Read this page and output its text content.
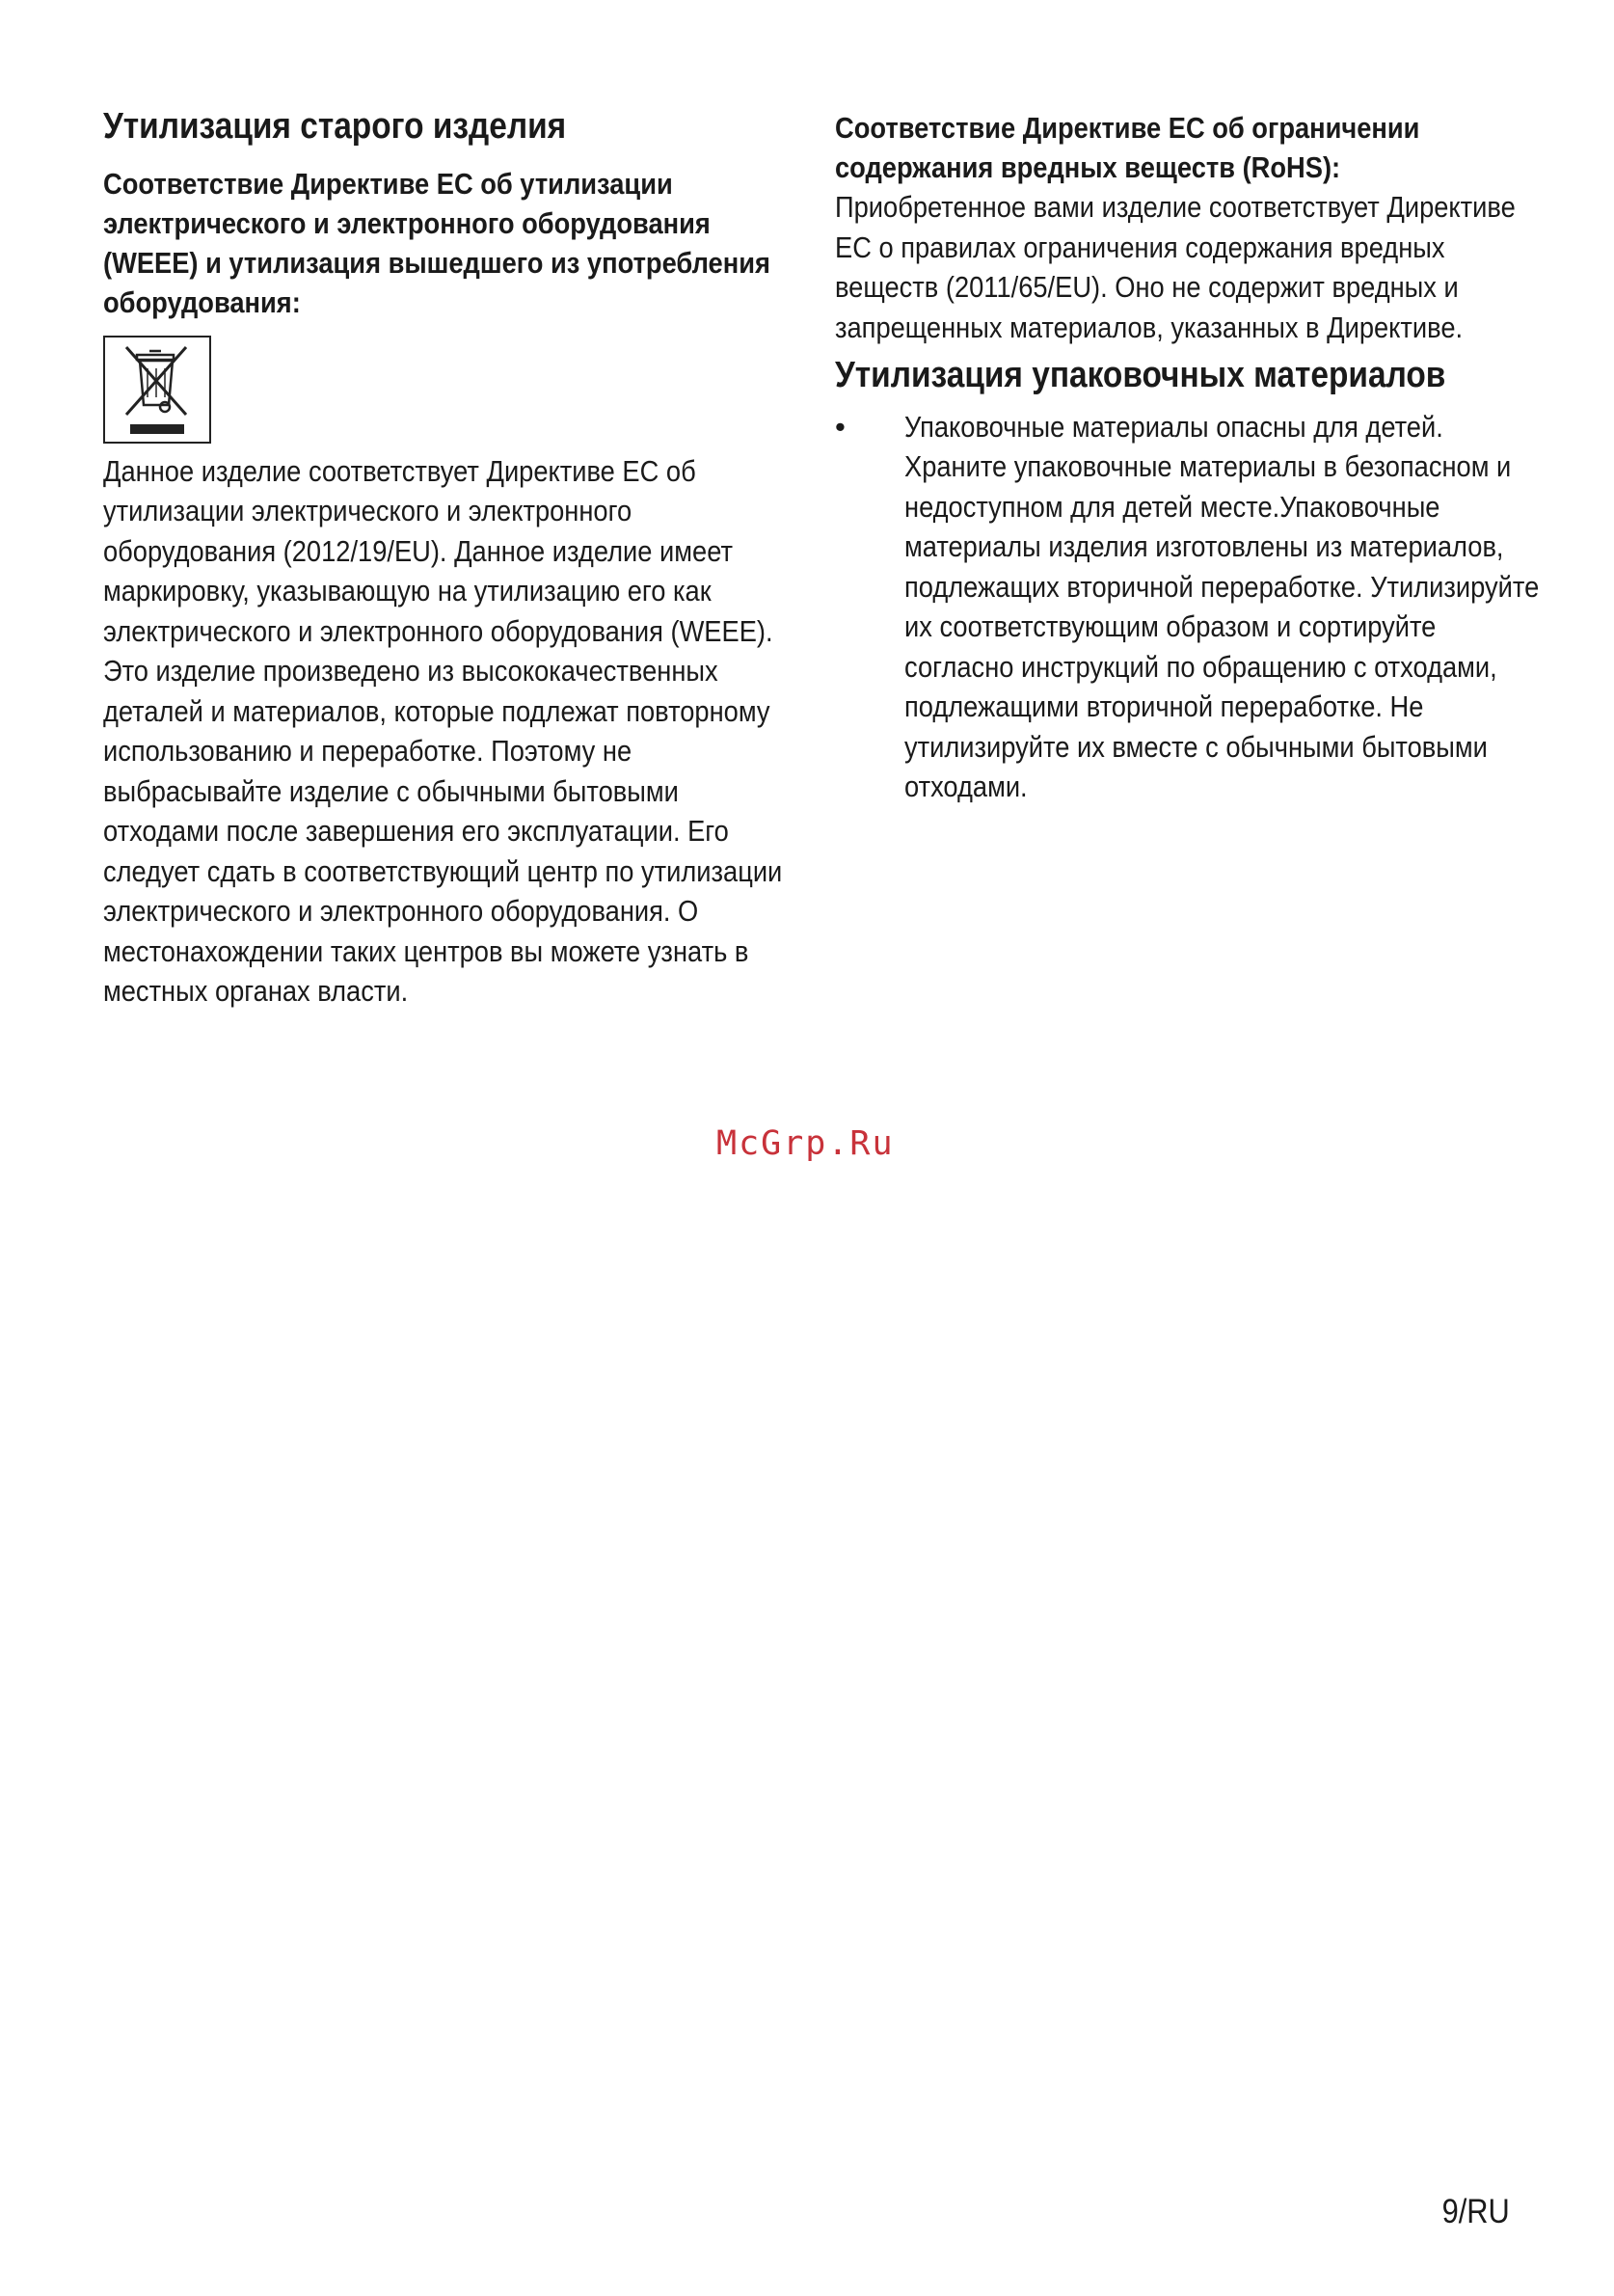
Утилизация старого изделия

Соответствие Директиве ЕС об утилизации электрического и электронного оборудования (WEEE) и утилизация вышедшего из употребления оборудования:

Данное изделие соответствует Директиве ЕС об утилизации электрического и электронного оборудования (2012/19/EU). Данное изделие имеет маркировку, указывающую на утилизацию его как электрического и электронного оборудования (WEEE).

Это изделие произведено из высококачественных деталей и материалов, которые подлежат повторному использованию и переработке. Поэтому не выбрасывайте изделие с обычными бытовыми отходами после завершения его эксплуатации. Его следует сдать в соответствующий центр по утилизации электрического и электронного оборудования. О местонахождении таких центров вы можете узнать в местных органах власти.

Соответствие Директиве ЕС об ограничении содержания вредных веществ (RoHS):

Приобретенное вами изделие соответствует Директиве ЕС о правилах ограничения содержания вредных веществ (2011/65/EU). Оно не содержит вредных и запрещенных материалов, указанных в Директиве.

Утилизация упаковочных материалов
• Упаковочные материалы опасны для детей. Храните упаковочные материалы в безопасном и недоступном для детей месте.Упаковочные материалы изделия изготовлены из материалов, подлежащих вторичной переработке. Утилизируйте их соответствующим образом и сортируйте согласно инструкций по обращению с отходами, подлежащими вторичной переработке. Не утилизируйте их вместе с обычными бытовыми отходами.

McGrp.Ru
9/RU
